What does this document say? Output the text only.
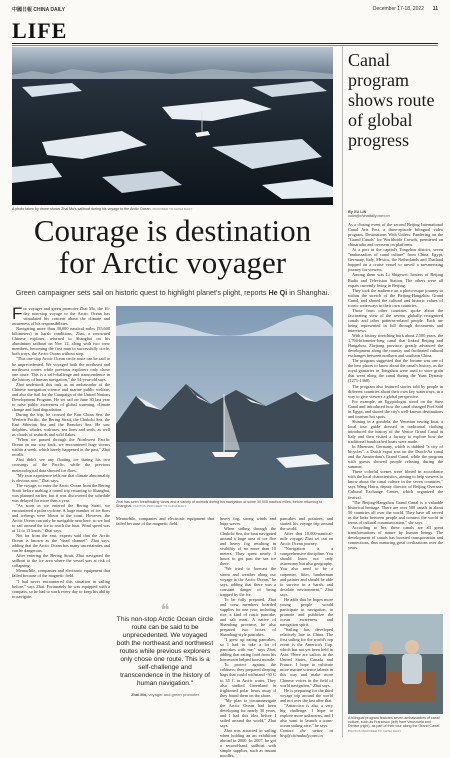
中國日報 CHINA DAILY	December 17-18, 2022 11
LIFE
A photo taken by drone shows Zhai Mo's sailboat during his voyage to the Arctic Ocean. PROVIDED TO CHINA DAILY
Courage is destination
for Arctic voyager
Green campaigner sets sail on historic quest to highlight planet's plight, reports He Qi in Shanghai.
F or voyager and green promoter Zhai Mo, the 16-day non-stop voyage to the Arctic Ocean has stimulated his concern about the climate and awareness of his responsibilities.

Navigating more than 30,000 nautical miles (55,600 kilometers) in harsh conditions, Zhai, a renowned Chinese explorer, returned to Shanghai on his aluminium sailboat on Nov 12, along with two crew members, becoming the first man to successfully circle, both ways, the Arctic Ocean without stop.

"This one-stop Arctic Ocean circle route can be said to be unprecedented. We voyaged both the northeast and northwest routes while previous explorers only chose one route. This is a self-challenge and transcendence in the history of human navigation," the 54-year-old says.

Zhai undertook this task as an ambassador of the Chinese navigation science and marine public welfare, and also the Sail for the Campaign of the United Nations Development Program. He set sail on June 30 last year to raise public awareness of global warming, climate change and land degradation.

During the trip, he crossed the East China Sea, the Western Pacific, the Bering Strait, the Chukchi Sea, the East Siberian Sea and the Beaufort Sea. He saw dolphins, whales, walruses, sea lions and seals, as well as clouds of seabirds and wild flakes.

"When we passed through the Northwest Pacific Ocean on our way back, we encountered huge storms within a week, which barely happened in the past," Zhai recalls.

Zhai didn't see any floating ice during his two crossings of the Pacific, while the previous meteorological data showed ice floes.

"My own experience tells me that climate abnormality is obvious now," Zhai says.

The voyage, to enter the Arctic Ocean from the Bering Strait before making a round trip returning to Shanghai, was planned earlier, but it was discovered the schedule was delayed for more than a year.

"As soon as we entered the Bering Strait, we encountered a polar cyclone. A large number of ice floes and icebergs were blown to the coast. However, the Arctic Ocean can only be navigable near here, so we had to sail around the ice to reach the boat. Wind speed was at 12 to 15 knots," Zhai says.

Not far from the east, experts said that the Arctic Ocean is known as the "dead channel". Zhai says, adding that the Arctic Ocean has many uncertainties and can be dangerous.

After entering the Bering Strait, Zhai navigated the sailboat to the ice area where the vessel was at risk of collapsing.

Meanwhile, companies and electronic equipment that failed because of the magnetic field.

"I had never encountered this situation in sailing before," says Zhai. Fortunately he was equipped with a compass, so he had to work every day to keep his ability to navigate.

Zhai has seen breathtaking views and a variety of animals during his navigation of some 30,000 nautical miles, before returning to Shanghai. PHOTOS PROVIDED TO CHINA DAILY

Meanwhile, companies and electronic equipment that failed because of the magnetic field.

❝
This non-stop Arctic Ocean circle route can be said to be unprecedented. We voyaged both the northeast and northwest routes while previous explorers only chose one route. This is a self-challenge and transcendence in the history of human navigation."
Zhai Mo, voyager and green promoter

heavy fog, strong winds and huge waves.

When sailing through the Chukchi Sea, the boat navigated around a large area of ice floe and heavy fog resulting in visibility of no more than 10 meters. They spent nearly 3 hours to get past the sea ice there.

"We tried to forecast the storm and weather along our voyage to the Arctic Ocean," he says, adding that there was a constant danger of being trapped by the ice.

To be fully prepared, Zhai and crew members boarded supplies for one year, including rice, a kind of rustic pancake, and salt meat. A native of Shandong province, he also prepared two boxes of Shandong-style pancakes.

"I grew up eating pancakes, so I had to take a lot of pancakes with me," says Zhai, adding that eating food from his hometown helped boost morale.

To protect against the coldness, they prepared sleeping bags that could withstand -30 C to 35 C in Arctic water. They also studied Greenland in frightened polar bears away if they found them on the shore.

"My plan to circumnavigate the Arctic Ocean had been developing for nearly 30 years, and I had this idea before I sailed around the world," Zhai says.

Zhai was attracted to sailing when holding an art exhibition abroad in 2000. In 2007, he got a second-hand sailboat with simple supplies, such as instant noodles,

pancakes and potatoes, and started his voyage trip around the world.

After that 10,000-nautical-mile voyage, Zhai set out on Arctic Ocean journey.

"Navigation is a comprehensive discipline. You should learn not only astronomy but also geography. You also need to be a carpenter, fitter, lumberman and painter and should be able to survive in a harsh, and desolate environment," Zhai says.

He adds that he hopes more young people would participate in navigation, to promote and publicize the ocean awareness and navigation spirit.

"Sailing has developed relatively late in China. The first sailing for the world's top event is the America's Cup, which has not yet been held in Asia. There are sailors in the United States, Canada and France. I hope to cultivate more marine science talents in this way and make more Chinese voices in the field of world navigation," Zhai says.

He is preparing for the third voyage trip around the world and not over the last after that.

"Antarctica is also a very big challenge. I hope to explore more unknowns, and I also want to launch a trans-ocean sailing race," he says.

Contact the writer at heqi@chinadaily.com.cn

Canal program shows route of global progress
By XU LIN
xulin@chinadaily.com.cn

As a closing event of the second Beijing International Canal Arts Fest, a three-episode bilingual video program, Destinations With Unless: Pandering on the "Grand Canals" for Worldwide Crowds, premiered on chinaradio and overseas on platforms.

At a port in the capital's Tongzhou district, seven "ambassadors of canal culture" from China, Egypt, Germany, Italy, Mexico, the Netherlands and Thailand hopped on a cruise vessel to unveil a mesmerizing journey for viewers.

Among them was Li Shigewei, hostess of Beijing Radio and Television Station. The others were all expats currently living in Beijing.

They took the audience on a photo-esque journey to within the stretch of the Beijing-Hangzhou Grand Canal, and shared the cultural and historic values of iconic waterways in their own countries.

Those from other countries spoke about the fascinating view of the sevens globally recognized canals and other patterns-related people. Each are being represented in full through documents and interviews.

With a history stretching back about 2,500 years, the 1,794-kilometer-long canal that linked Beijing and Hangzhou, Zhejiang province, greatly advanced the development along the country and facilitated cultural exchanges between northern and southern China.

The program suggested that the fortune was one of the best places to know about the canal's history, as the royal granaries in Tongzhou were used to store grain that went along the canal during the Yuan Dynasty (1271-1368).

The program also featured stories told by people in different countries about their own key waterways, in a way to give viewers a global perspective.

For example, an Egyptologist stood on the Suez Canal and introduced how the canal changed Port Said in Egypt, and shared the city's well-known destinations and tourism hot spots.

Shining in a gondola, the Venetian rowing boat, a local tour guide dressed in traditional clothing introduced the history of the Venice Grand Canal in Italy and then visited a factory to explore how the traditional handcrafted boats were made.

In Muenster, Germany, which is dubbed "a city of bicycles", a Dutch expat was on the Dutch-Aa canal and the Amsterdam's Grand Canal, while the program with guests showed people relaxing during the summer.

These colorful scenes were filmed in accordance with the local characteristics, aiming to help viewers to know about the canal culture in the seven countries," says Wang Hairu, deputy director of Beijing Overseas Cultural Exchange Center, which organized the festival.

"The Beijing-Hangzhou Grand Canal is a valuable historical heritage. There are over 500 canals in about 50 countries all over the world. They have all served as the links between people and connect the world in terms of cultural communication," she says.

According to her, these canals are all great transformations of nature by human beings. The development of canals has boosted transportation and connections, thus nurturing great civilizations over the years.

A bilingual program features seven ambassadors of canal culture, such as Francisco (left) from Venezuela and Denise (right), as part of their tour along the Grand Canal. PHOTOS PROVIDED TO CHINA DAILY
